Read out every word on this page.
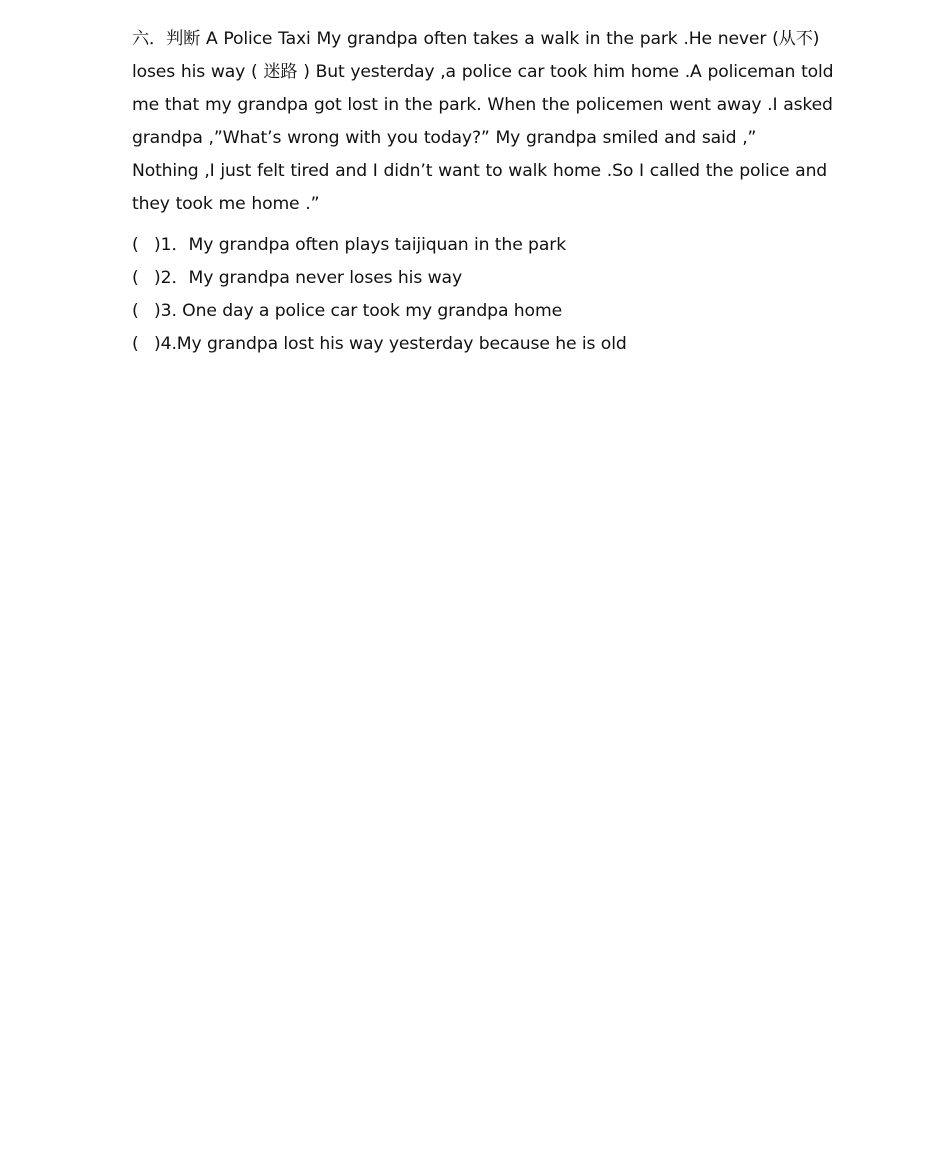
六．判断 A Police Taxi My grandpa often takes a walk in the park .He never (从不)
loses his way ( 迷路 ) But yesterday ,a police car took him home .A policeman told
me that my grandpa got lost in the park. When the policemen went away .I asked
grandpa ,”What’s wrong with you today?” My grandpa smiled and said ,”
Nothing ,I just felt tired and I didn’t want to walk home .So I called the police and
they took me home .”
( )1．My grandpa often plays taijiquan in the park
( )2．My grandpa never loses his way
( )3. One day a police car took my grandpa home
( )4.My grandpa lost his way yesterday because he is old
